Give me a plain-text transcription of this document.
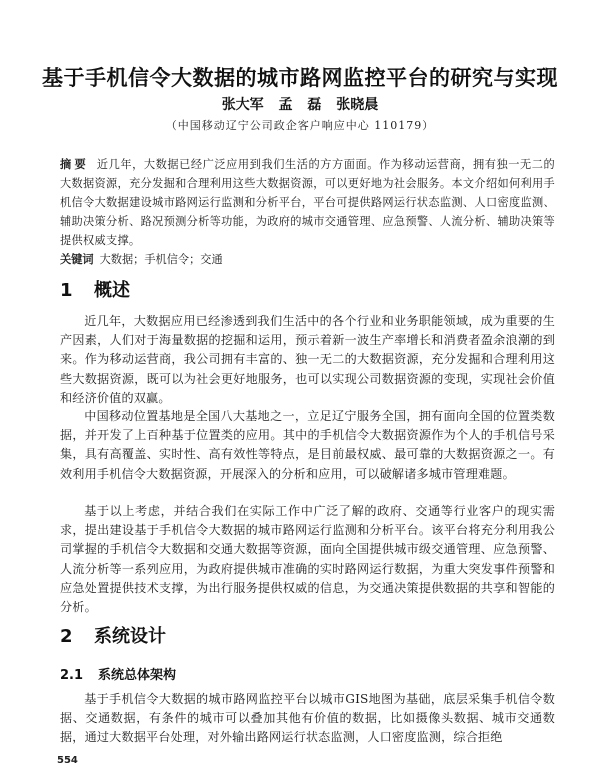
基于手机信令大数据的城市路网监控平台的研究与实现
张大军 孟 磊 张晓晨
（中国移动辽宁公司政企客户响应中心 110179）

摘要 近几年，大数据已经广泛应用到我们生活的方方面面。作为移动运营商，拥有独一无二的大数据资源，充分发掘和合理利用这些大数据资源，可以更好地为社会服务。本文介绍如何利用手机信令大数据建设城市路网运行监测和分析平台，平台可提供路网运行状态监测、人口密度监测、辅助决策分析、路况预测分析等功能，为政府的城市交通管理、应急预警、人流分析、辅助决策等提供权威支撑。

关键词 大数据；手机信令；交通

1 概述

近几年，大数据应用已经渗透到我们生活中的各个行业和业务职能领域，成为重要的生产因素，人们对于海量数据的挖掘和运用，预示着新一波生产率增长和消费者盈余浪潮的到来。作为移动运营商，我公司拥有丰富的、独一无二的大数据资源，充分发掘和合理利用这些大数据资源，既可以为社会更好地服务，也可以实现公司数据资源的变现，实现社会价值和经济价值的双赢。

中国移动位置基地是全国八大基地之一，立足辽宁服务全国，拥有面向全国的位置类数据，并开发了上百种基于位置类的应用。其中的手机信令大数据资源作为个人的手机信号采集，具有高覆盖、实时性、高有效性等特点，是目前最权威、最可靠的大数据资源之一。有效利用手机信令大数据资源，开展深入的分析和应用，可以破解诸多城市管理难题。

基于以上考虑，并结合我们在实际工作中广泛了解的政府、交通等行业客户的现实需求，提出建设基于手机信令大数据的城市路网运行监测和分析平台。该平台将充分利用我公司掌握的手机信令大数据和交通大数据等资源，面向全国提供城市级交通管理、应急预警、人流分析等一系列应用，为政府提供城市准确的实时路网运行数据，为重大突发事件预警和应急处置提供技术支撑，为出行服务提供权威的信息，为交通决策提供数据的共享和智能的分析。

2 系统设计
2.1 系统总体架构

基于手机信令大数据的城市路网监控平台以城市GIS地图为基础，底层采集手机信令数据、交通数据，有条件的城市可以叠加其他有价值的数据，比如摄像头数据、城市交通数据，通过大数据平台处理，对外输出路网运行状态监测，人口密度监测，综合拒绝

554
